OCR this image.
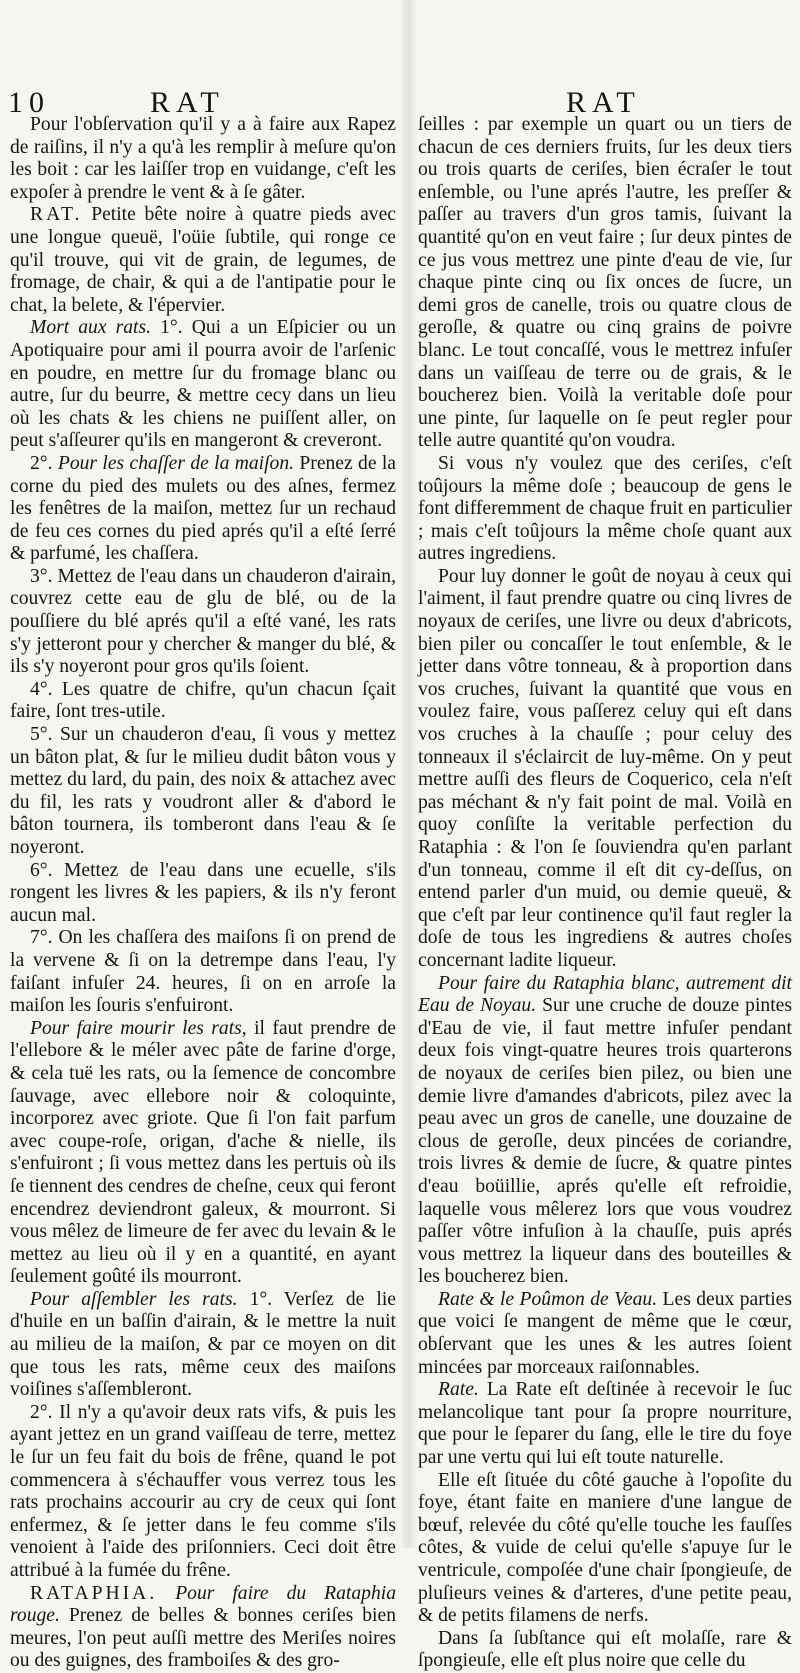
10	RAT	RAT

Pour l'obſervation qu'il y a à faire aux Rapez de raiſins, il n'y a qu'à les remplir à meſure qu'on les boit : car les laiſſer trop en vuidange, c'eſt les expoſer à prendre le vent & à ſe gâter.

RAT. Petite bête noire à quatre pieds avec une longue queuë, l'oüie ſubtile, qui ronge ce qu'il trouve, qui vit de grain, de legumes, de fromage, de chair, & qui a de l'antipatie pour le chat, la belete, & l'épervier.

Mort aux rats. 1°. Qui a un Eſpicier ou un Apotiquaire pour ami il pourra avoir de l'arſenic en poudre, en mettre ſur du fromage blanc ou autre, ſur du beurre, & mettre cecy dans un lieu où les chats & les chiens ne puiſſent aller, on peut s'aſſeurer qu'ils en mangeront & creveront.

2°. Pour les chaſſer de la maiſon. Prenez de la corne du pied des mulets ou des aſnes, fermez les fenêtres de la maiſon, mettez ſur un rechaud de feu ces cornes du pied aprés qu'il a eſté ſerré & parfumé, les chaſſera.

3°. Mettez de l'eau dans un chauderon d'airain, couvrez cette eau de glu de blé, ou de la pouſſiere du blé aprés qu'il a eſté vané, les rats s'y jetteront pour y chercher & manger du blé, & ils s'y noyeront pour gros qu'ils ſoient.

4°. Les quatre de chifre, qu'un chacun ſçait faire, ſont tres-utile.

5°. Sur un chauderon d'eau, ſi vous y mettez un bâton plat, & ſur le milieu dudit bâton vous y mettez du lard, du pain, des noix & attachez avec du fil, les rats y voudront aller & d'abord le bâton tournera, ils tomberont dans l'eau & ſe noyeront.

6°. Mettez de l'eau dans une ecuelle, s'ils rongent les livres & les papiers, & ils n'y feront aucun mal.

7°. On les chaſſera des maiſons ſi on prend de la vervene & ſi on la detrempe dans l'eau, l'y faiſant infuſer 24. heures, ſi on en arroſe la maiſon les ſouris s'enfuiront.

Pour faire mourir les rats, il faut prendre de l'ellebore & le méler avec pâte de farine d'orge, & cela tuë les rats, ou la ſemence de concombre ſauvage, avec ellebore noir & coloquinte, incorporez avec griote. Que ſi l'on fait parfum avec coupe-roſe, origan, d'ache & nielle, ils s'enfuiront ; ſi vous mettez dans les pertuis où ils ſe tiennent des cendres de cheſne, ceux qui feront encendrez deviendront galeux, & mourront. Si vous mêlez de limeure de fer avec du levain & le mettez au lieu où il y en a quantité, en ayant ſeulement goûté ils mourront.

Pour aſſembler les rats. 1°. Verſez de lie d'huile en un baſſin d'airain, & le mettre la nuit au milieu de la maiſon, & par ce moyen on dit que tous les rats, même ceux des maiſons voiſines s'aſſembleront.

2°. Il n'y a qu'avoir deux rats vifs, & puis les ayant jettez en un grand vaiſſeau de terre, mettez le ſur un feu fait du bois de frêne, quand le pot commencera à s'échauffer vous verrez tous les rats prochains accourir au cry de ceux qui ſont enfermez, & ſe jetter dans le feu comme s'ils venoient à l'aide des priſonniers. Ceci doit être attribué à la fumée du frêne.

RATAPHIA. Pour faire du Rataphia rouge. Prenez de belles & bonnes ceriſes bien meures, l'on peut auſſi mettre des Meriſes noires ou des guignes, des framboiſes & des gro-

ſeilles : par exemple un quart ou un tiers de chacun de ces derniers fruits, ſur les deux tiers ou trois quarts de ceriſes, bien écraſer le tout enſemble, ou l'une aprés l'autre, les preſſer & paſſer au travers d'un gros tamis, ſuivant la quantité qu'on en veut faire ; ſur deux pintes de ce jus vous mettrez une pinte d'eau de vie, ſur chaque pinte cinq ou ſix onces de ſucre, un demi gros de canelle, trois ou quatre clous de geroſle, & quatre ou cinq grains de poivre blanc. Le tout concaſſé, vous le mettrez infuſer dans un vaiſſeau de terre ou de grais, & le boucherez bien. Voilà la veritable doſe pour une pinte, ſur laquelle on ſe peut regler pour telle autre quantité qu'on voudra.

Si vous n'y voulez que des ceriſes, c'eſt toûjours la même doſe ; beaucoup de gens le font differemment de chaque fruit en particulier ; mais c'eſt toûjours la même choſe quant aux autres ingrediens.

Pour luy donner le goût de noyau à ceux qui l'aiment, il faut prendre quatre ou cinq livres de noyaux de ceriſes, une livre ou deux d'abricots, bien piler ou concaſſer le tout enſemble, & le jetter dans vôtre tonneau, & à proportion dans vos cruches, ſuivant la quantité que vous en voulez faire, vous paſſerez celuy qui eſt dans vos cruches à la chauſſe ; pour celuy des tonneaux il s'éclaircit de luy-même. On y peut mettre auſſi des fleurs de Coquerico, cela n'eſt pas méchant & n'y fait point de mal. Voilà en quoy conſiſte la veritable perfection du Rataphia : & l'on ſe ſouviendra qu'en parlant d'un tonneau, comme il eſt dit cy-deſſus, on entend parler d'un muid, ou demie queuë, & que c'eſt par leur continence qu'il faut regler la doſe de tous les ingrediens & autres choſes concernant ladite liqueur.

Pour faire du Rataphia blanc, autrement dit Eau de Noyau. Sur une cruche de douze pintes d'Eau de vie, il faut mettre infuſer pendant deux fois vingt-quatre heures trois quarterons de noyaux de ceriſes bien pilez, ou bien une demie livre d'amandes d'abricots, pilez avec la peau avec un gros de canelle, une douzaine de clous de geroſle, deux pincées de coriandre, trois livres & demie de ſucre, & quatre pintes d'eau boüillie, aprés qu'elle eſt refroidie, laquelle vous mêlerez lors que vous voudrez paſſer vôtre infuſion à la chauſſe, puis aprés vous mettrez la liqueur dans des bouteilles & les boucherez bien.

Rate & le Poûmon de Veau. Les deux parties que voici ſe mangent de même que le cœur, obſervant que les unes & les autres ſoient mincées par morceaux raiſonnables.

Rate. La Rate eſt deſtinée à recevoir le ſuc melancolique tant pour ſa propre nourriture, que pour le ſeparer du ſang, elle le tire du foye par une vertu qui lui eſt toute naturelle.

Elle eſt ſituée du côté gauche à l'opoſite du foye, étant faite en maniere d'une langue de bœuf, relevée du côté qu'elle touche les fauſſes côtes, & vuide de celui qu'elle s'apuye ſur le ventricule, compoſée d'une chair ſpongieuſe, de pluſieurs veines & d'arteres, d'une petite peau, & de petits filamens de nerfs.

Dans ſa ſubſtance qui eſt molaſſe, rare & ſpongieuſe, elle eſt plus noire que celle du
